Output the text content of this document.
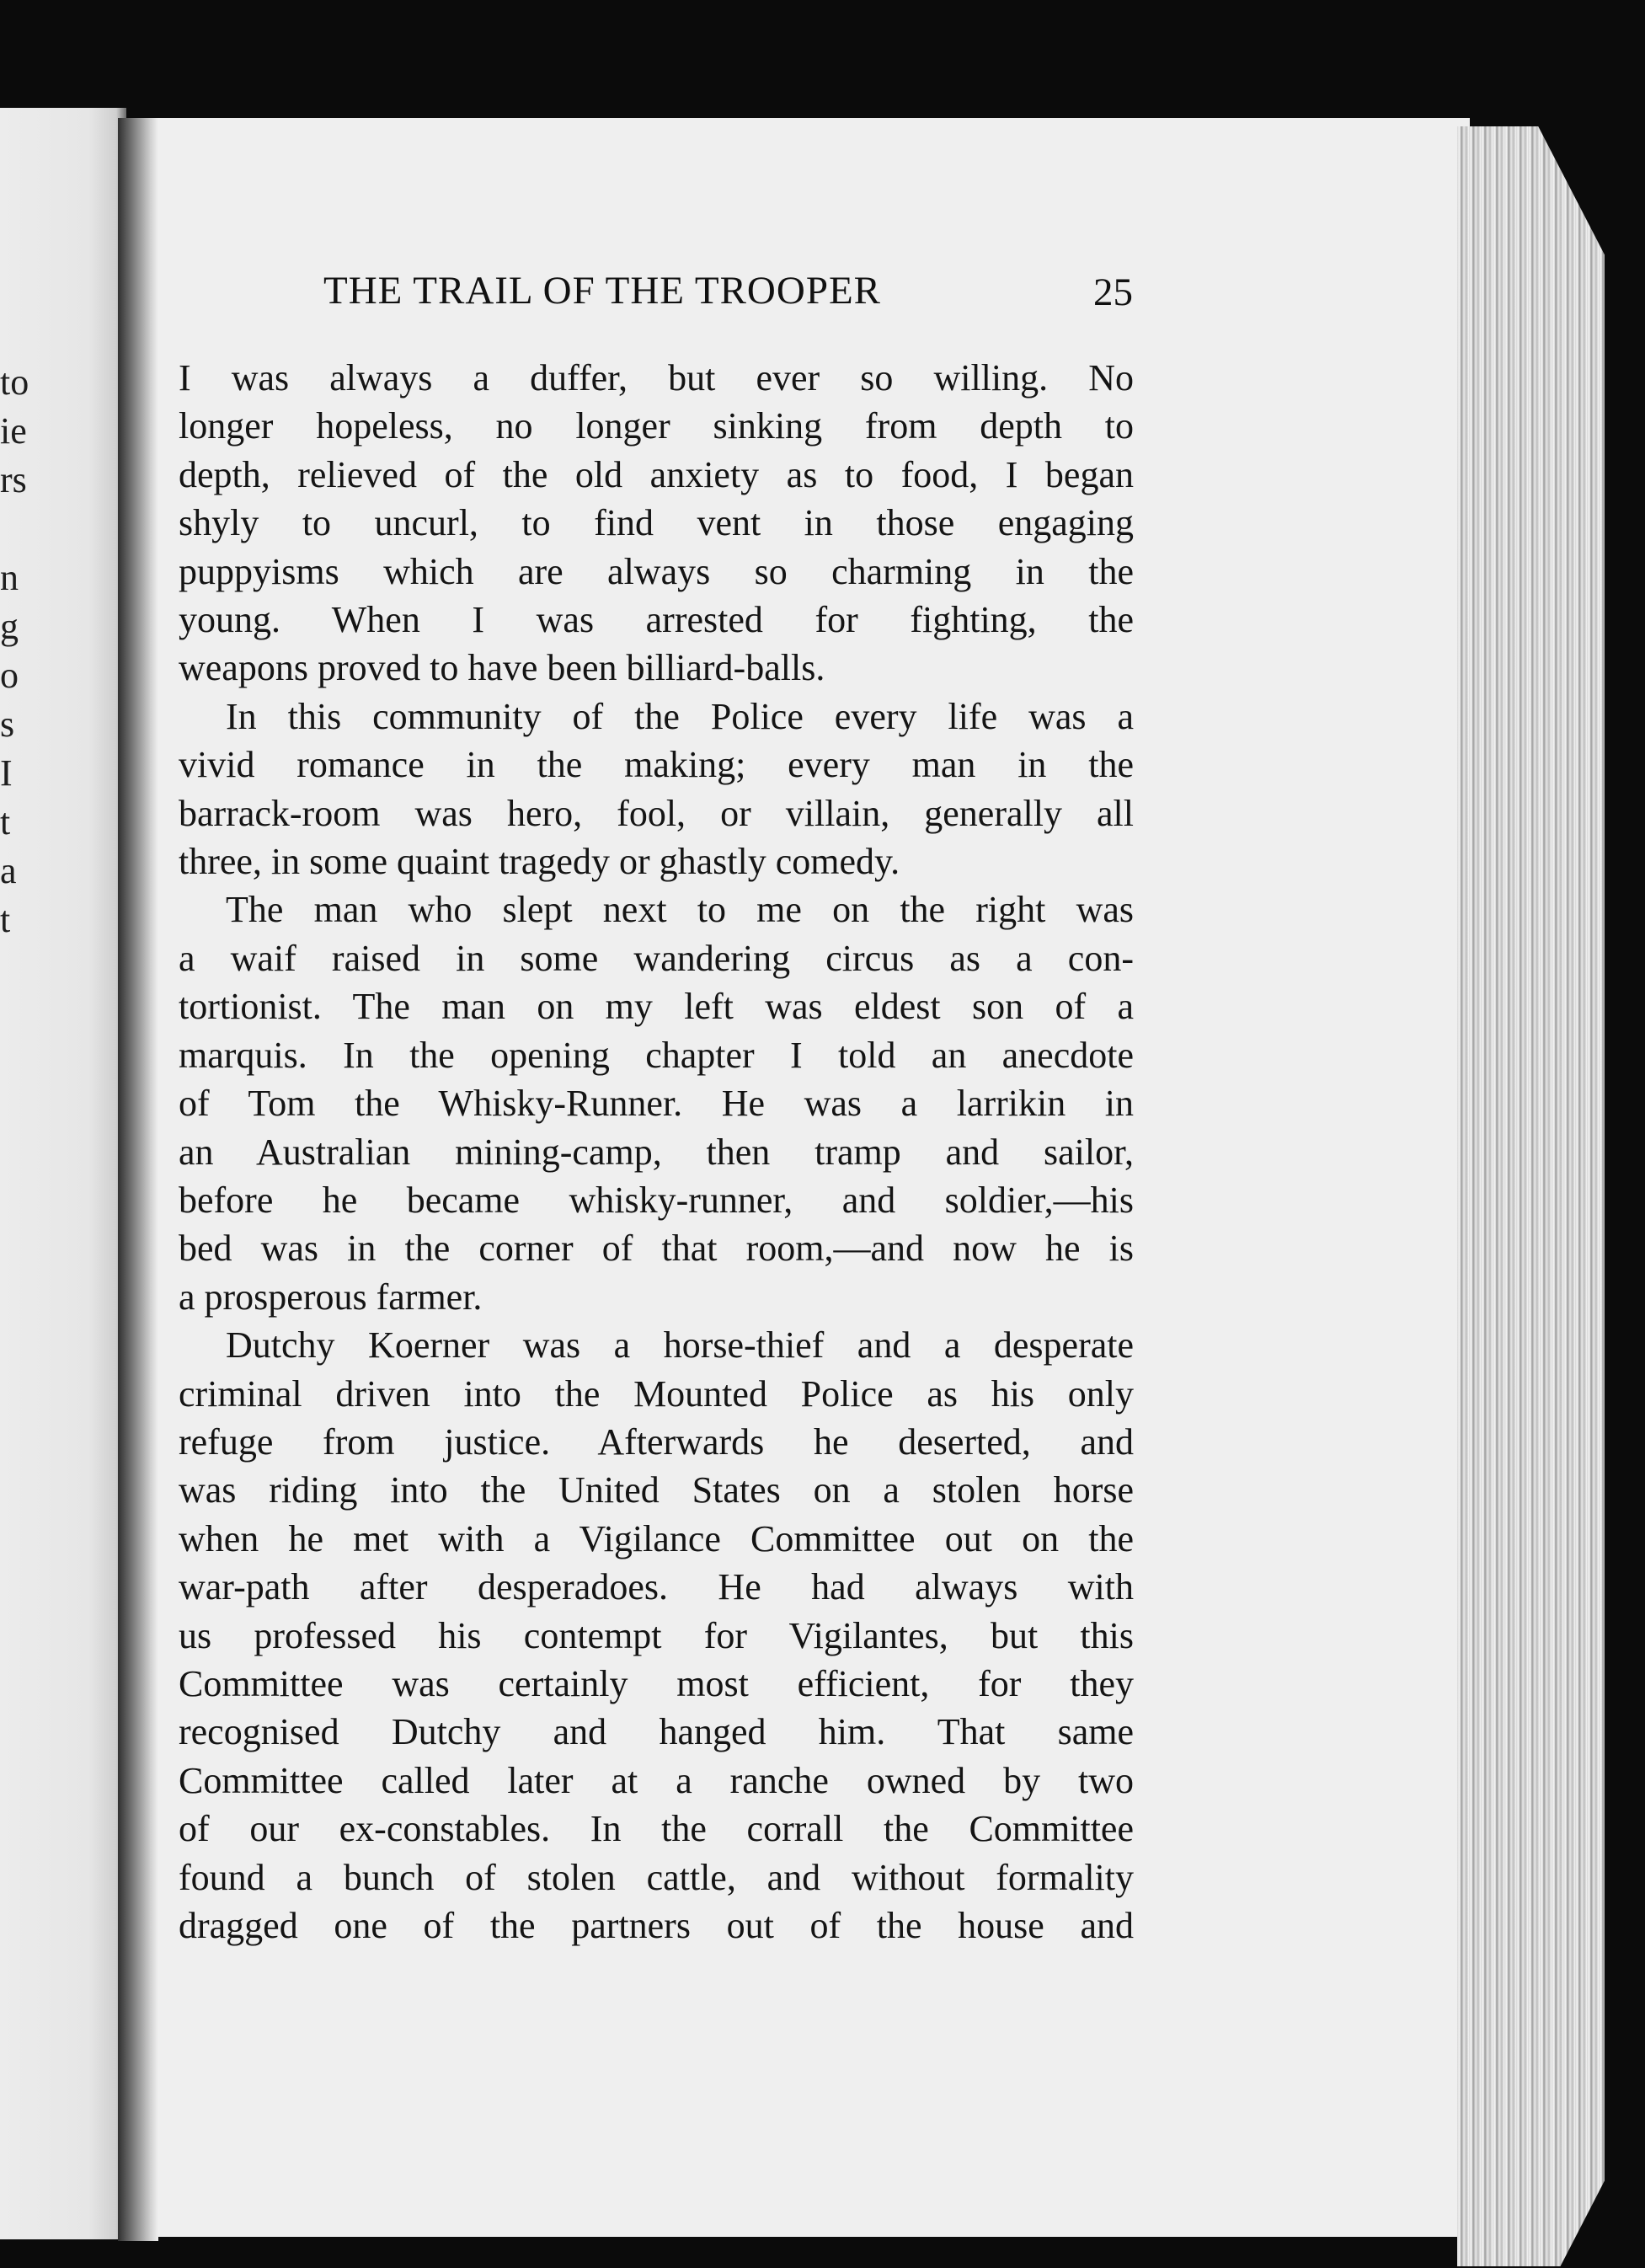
to
ie
rs
n
g
o
s
I
t
a
t
THE TRAIL OF THE TROOPER	25
I was always a duffer, but ever so willing. No
longer hopeless, no longer sinking from depth to
depth, relieved of the old anxiety as to food, I began
shyly to uncurl, to find vent in those engaging
puppyisms which are always so charming in the
young. When I was arrested for fighting, the
weapons proved to have been billiard-balls.
In this community of the Police every life was a
vivid romance in the making; every man in the
barrack-room was hero, fool, or villain, generally all
three, in some quaint tragedy or ghastly comedy.
The man who slept next to me on the right was
a waif raised in some wandering circus as a con-
tortionist. The man on my left was eldest son of a
marquis. In the opening chapter I told an anecdote
of Tom the Whisky-Runner. He was a larrikin in
an Australian mining-camp, then tramp and sailor,
before he became whisky-runner, and soldier,—his
bed was in the corner of that room,—and now he is
a prosperous farmer.
Dutchy Koerner was a horse-thief and a desperate
criminal driven into the Mounted Police as his only
refuge from justice. Afterwards he deserted, and
was riding into the United States on a stolen horse
when he met with a Vigilance Committee out on the
war-path after desperadoes. He had always with
us professed his contempt for Vigilantes, but this
Committee was certainly most efficient, for they
recognised Dutchy and hanged him. That same
Committee called later at a ranche owned by two
of our ex-constables. In the corrall the Committee
found a bunch of stolen cattle, and without formality
dragged one of the partners out of the house and
